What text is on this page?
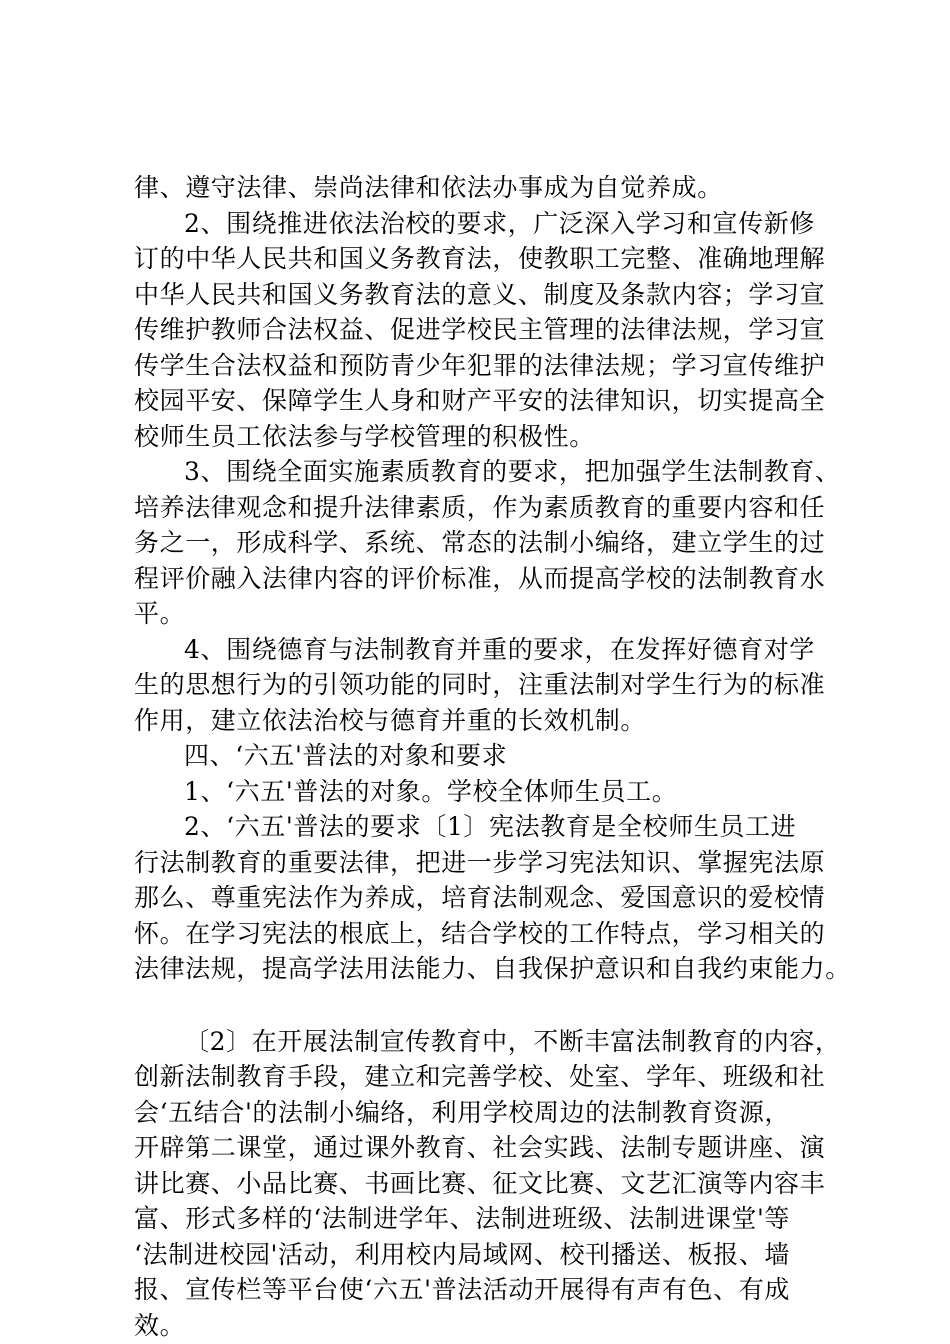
律、遵守法律、崇尚法律和依法办事成为自觉养成。
2、围绕推进依法治校的要求，广泛深入学习和宣传新修
订的中华人民共和国义务教育法，使教职工完整、准确地理解
中华人民共和国义务教育法的意义、制度及条款内容；学习宣
传维护教师合法权益、促进学校民主管理的法律法规，学习宣
传学生合法权益和预防青少年犯罪的法律法规；学习宣传维护
校园平安、保障学生人身和财产平安的法律知识，切实提高全
校师生员工依法参与学校管理的积极性。
3、围绕全面实施素质教育的要求，把加强学生法制教育、
培养法律观念和提升法律素质，作为素质教育的重要内容和任
务之一，形成科学、系统、常态的法制小编络，建立学生的过
程评价融入法律内容的评价标准，从而提高学校的法制教育水
平。
4、围绕德育与法制教育并重的要求，在发挥好德育对学
生的思想行为的引领功能的同时，注重法制对学生行为的标准
作用，建立依法治校与德育并重的长效机制。
四、‘六五'普法的对象和要求
1、‘六五'普法的对象。学校全体师生员工。
2、‘六五'普法的要求〔1〕宪法教育是全校师生员工进
行法制教育的重要法律，把进一步学习宪法知识、掌握宪法原
那么、尊重宪法作为养成，培育法制观念、爱国意识的爱校情
怀。在学习宪法的根底上，结合学校的工作特点，学习相关的
法律法规，提高学法用法能力、自我保护意识和自我约束能力。
〔2〕在开展法制宣传教育中，不断丰富法制教育的内容，
创新法制教育手段，建立和完善学校、处室、学年、班级和社
会‘五结合'的法制小编络，利用学校周边的法制教育资源，
开辟第二课堂，通过课外教育、社会实践、法制专题讲座、演
讲比赛、小品比赛、书画比赛、征文比赛、文艺汇演等内容丰
富、形式多样的‘法制进学年、法制进班级、法制进课堂'等
‘法制进校园'活动，利用校内局域网、校刊播送、板报、墙
报、宣传栏等平台使‘六五'普法活动开展得有声有色、有成
效。
